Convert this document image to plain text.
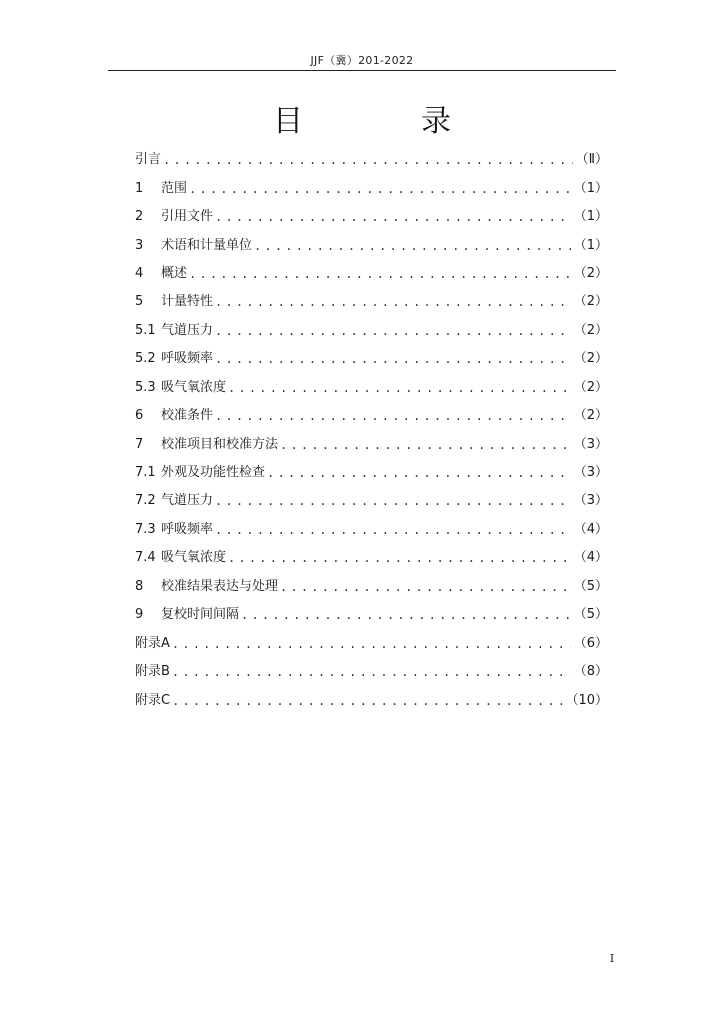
JJF（冀）201-2022
目　录
引言 .....	（Ⅱ）
1	范围 .....	（1）
2	引用文件 .....	（1）
3	术语和计量单位 .....	（1）
4	概述 .....	（2）
5	计量特性 .....	（2）
5.1 气道压力 .....	（2）
5.2 呼吸频率 .....	（2）
5.3 吸气氧浓度 .....	（2）
6	校准条件 .....	（2）
7	校准项目和校准方法 .....	（3）
7.1 外观及功能性检查 .....	（3）
7.2 气道压力 .....	（3）
7.3 呼吸频率 .....	（4）
7.4 吸气氧浓度 .....	（4）
8	校准结果表达与处理 .....	（5）
9	复校时间间隔 .....	（5）
附录A .....	（6）
附录B .....	（8）
附录C .....	（10）
I
